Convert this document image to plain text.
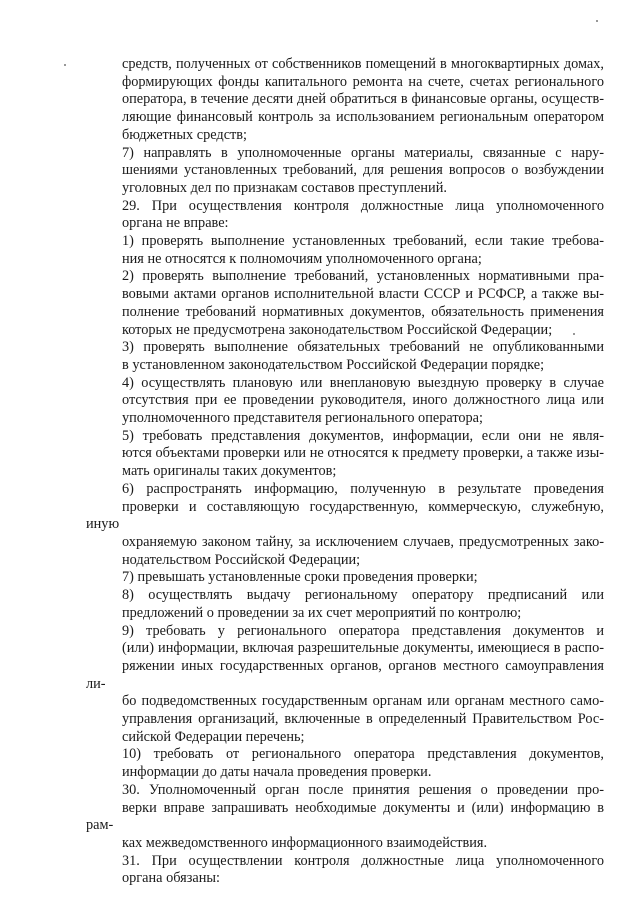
средств, полученных от собственников помещений в многоквартирных домах,
формирующих фонды капитального ремонта на счете, счетах регионального
оператора, в течение десяти дней обратиться в финансовые органы, осуществ-
ляющие финансовый контроль за использованием региональным оператором
бюджетных средств;

7) направлять в уполномоченные органы материалы, связанные с нару-
шениями установленных требований, для решения вопросов о возбуждении
уголовных дел по признакам составов преступлений.

29. При осуществления контроля должностные лица уполномоченного
органа не вправе:

1) проверять выполнение установленных требований, если такие требова-
ния не относятся к полномочиям уполномоченного органа;

2) проверять выполнение требований, установленных нормативными пра-
вовыми актами органов исполнительной власти СССР и РСФСР, а также вы-
полнение требований нормативных документов, обязательность применения
которых не предусмотрена законодательством Российской Федерации;

3) проверять выполнение обязательных требований не опубликованными
в установленном законодательством Российской Федерации порядке;

4) осуществлять плановую или внеплановую выездную проверку в случае
отсутствия при ее проведении руководителя, иного должностного лица или
уполномоченного представителя регионального оператора;

5) требовать представления документов, информации, если они не явля-
ются объектами проверки или не относятся к предмету проверки, а также изы-
мать оригиналы таких документов;

6) распространять информацию, полученную в результате проведения
проверки и составляющую государственную, коммерческую, служебную, иную
охраняемую законом тайну, за исключением случаев, предусмотренных зако-
нодательством Российской Федерации;

7) превышать установленные сроки проведения проверки;

8) осуществлять выдачу региональному оператору предписаний или
предложений о проведении за их счет мероприятий по контролю;

9) требовать у регионального оператора представления документов и
(или) информации, включая разрешительные документы, имеющиеся в распо-
ряжении иных государственных органов, органов местного самоуправления ли-
бо подведомственных государственным органам или органам местного само-
управления организаций, включенные в определенный Правительством Рос-
сийской Федерации перечень;

10) требовать от регионального оператора представления документов,
информации до даты начала проведения проверки.

30. Уполномоченный орган после принятия решения о проведении про-
верки вправе запрашивать необходимые документы и (или) информацию в рам-
ках межведомственного информационного взаимодействия.

31. При осуществлении контроля должностные лица уполномоченного
органа обязаны:
